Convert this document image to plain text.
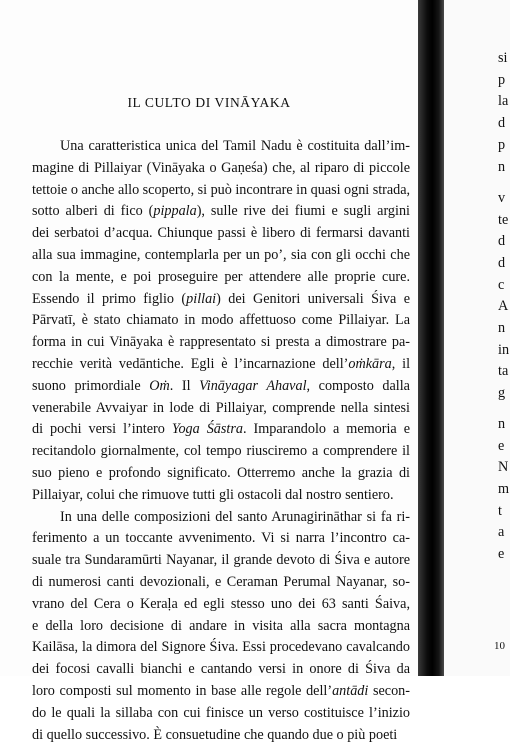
IL CULTO DI VINĀYAKA
Una caratteristica unica del Tamil Nadu è costituita dall’im-
magine di Pillaiyar (Vināyaka o Gaṇeśa) che, al riparo di piccole
tettoie o anche allo scoperto, si può incontrare in quasi ogni strada,
sotto alberi di fico (pippala), sulle rive dei fiumi e sugli argini
dei serbatoi d’acqua. Chiunque passi è libero di fermarsi davanti
alla sua immagine, contemplarla per un po’, sia con gli occhi che
con la mente, e poi proseguire per attendere alle proprie cure.
Essendo il primo figlio (pillai) dei Genitori universali Śiva e
Pārvatī, è stato chiamato in modo affettuoso come Pillaiyar. La
forma in cui Vināyaka è rappresentato si presta a dimostrare pa-
recchie verità vedāntiche. Egli è l’incarnazione dell’oṁkāra, il
suono primordiale Oṁ. Il Vināyagar Ahaval, composto dalla
venerabile Avvaiyar in lode di Pillaiyar, comprende nella sintesi
di pochi versi l’intero Yoga Śāstra. Imparandolo a memoria e
recitandolo giornalmente, col tempo riusciremo a comprendere il
suo pieno e profondo significato. Otterremo anche la grazia di
Pillaiyar, colui che rimuove tutti gli ostacoli dal nostro sentiero.
In una delle composizioni del santo Arunagirināthar si fa ri-
ferimento a un toccante avvenimento. Vi si narra l’incontro ca-
suale tra Sundaramūrti Nayanar, il grande devoto di Śiva e autore
di numerosi canti devozionali, e Ceraman Perumal Nayanar, so-
vrano del Cera o Keraḷa ed egli stesso uno dei 63 santi Śaiva,
e della loro decisione di andare in visita alla sacra montagna
Kailāsa, la dimora del Signore Śiva. Essi procedevano cavalcando
dei focosi cavalli bianchi e cantando versi in onore di Śiva da
loro composti sul momento in base alle regole dell’antādi secon-
do le quali la sillaba con cui finisce un verso costituisce l’inizio
di quello successivo. È consuetudine che quando due o più poeti
si
p
la
d
p
n
v
te
d
d
c
A
n
in
ta
g
n
e
N
m
t
a
e
10
